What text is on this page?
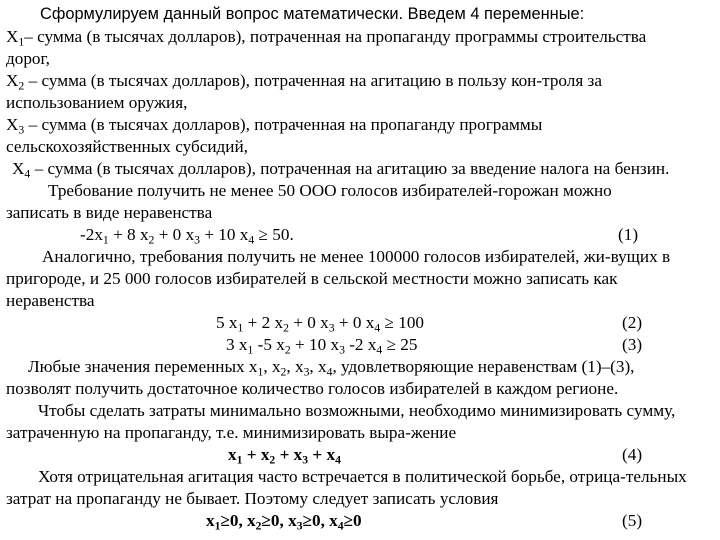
Сформулируем данный вопрос математически. Введем 4 переменные:
$X_1-$ сумма (в тысячах долларов), потраченная на пропаганду программы строительства
дорог,
$X_2$ – сумма (в тысячах долларов), потраченная на агитацию в пользу кон-троля за
использованием оружия,
$X_3$ – сумма (в тысячах долларов), потраченная на пропаганду программы
сельскохозяйственных субсидий,
$X_4$ – сумма (в тысячах долларов), потраченная на агитацию за введение налога на бензин.
Требование получить не менее 50 ООО голосов избирателей-горожан можно
записать в виде неравенства
$-2x_1 + 8$ $x_2 + 0$ $x_3 + 10$ $x_4 \ge 50$.	(1)
Аналогично, требования получить не менее 100000 голосов избирателей, жи-вущих в
пригороде, и 25 000 голосов избирателей в сельской местности можно записать как
неравенства
5 $x_1 + 2$ $x_2 + 0$ $x_3 + 0$ $x_4 \ge 100$	(2)
3 $x_1$ -5 $x_2 + 10$ $x_3$ -2 $x_4 \ge 25$	(3)
Любые значения переменных $x_1$, $x_2$, $x_3$, $x_4$, удовлетворяющие неравенствам (1)–(3),
позволят получить достаточное количество голосов избирателей в каждом регионе.
Чтобы сделать затраты минимально возможными, необходимо минимизировать сумму,
затраченную на пропаганду, т.е. минимизировать выра-жение
$x_1 + x_2 + x_3 + x_4$	(4)
Хотя отрицательная агитация часто встречается в политической борьбе, отрица-тельных
затрат на пропаганду не бывает. Поэтому следует записать условия
$x_1\ge 0$, $x_2\ge 0$, $x_3\ge 0$, $x_4\ge 0$	(5)
